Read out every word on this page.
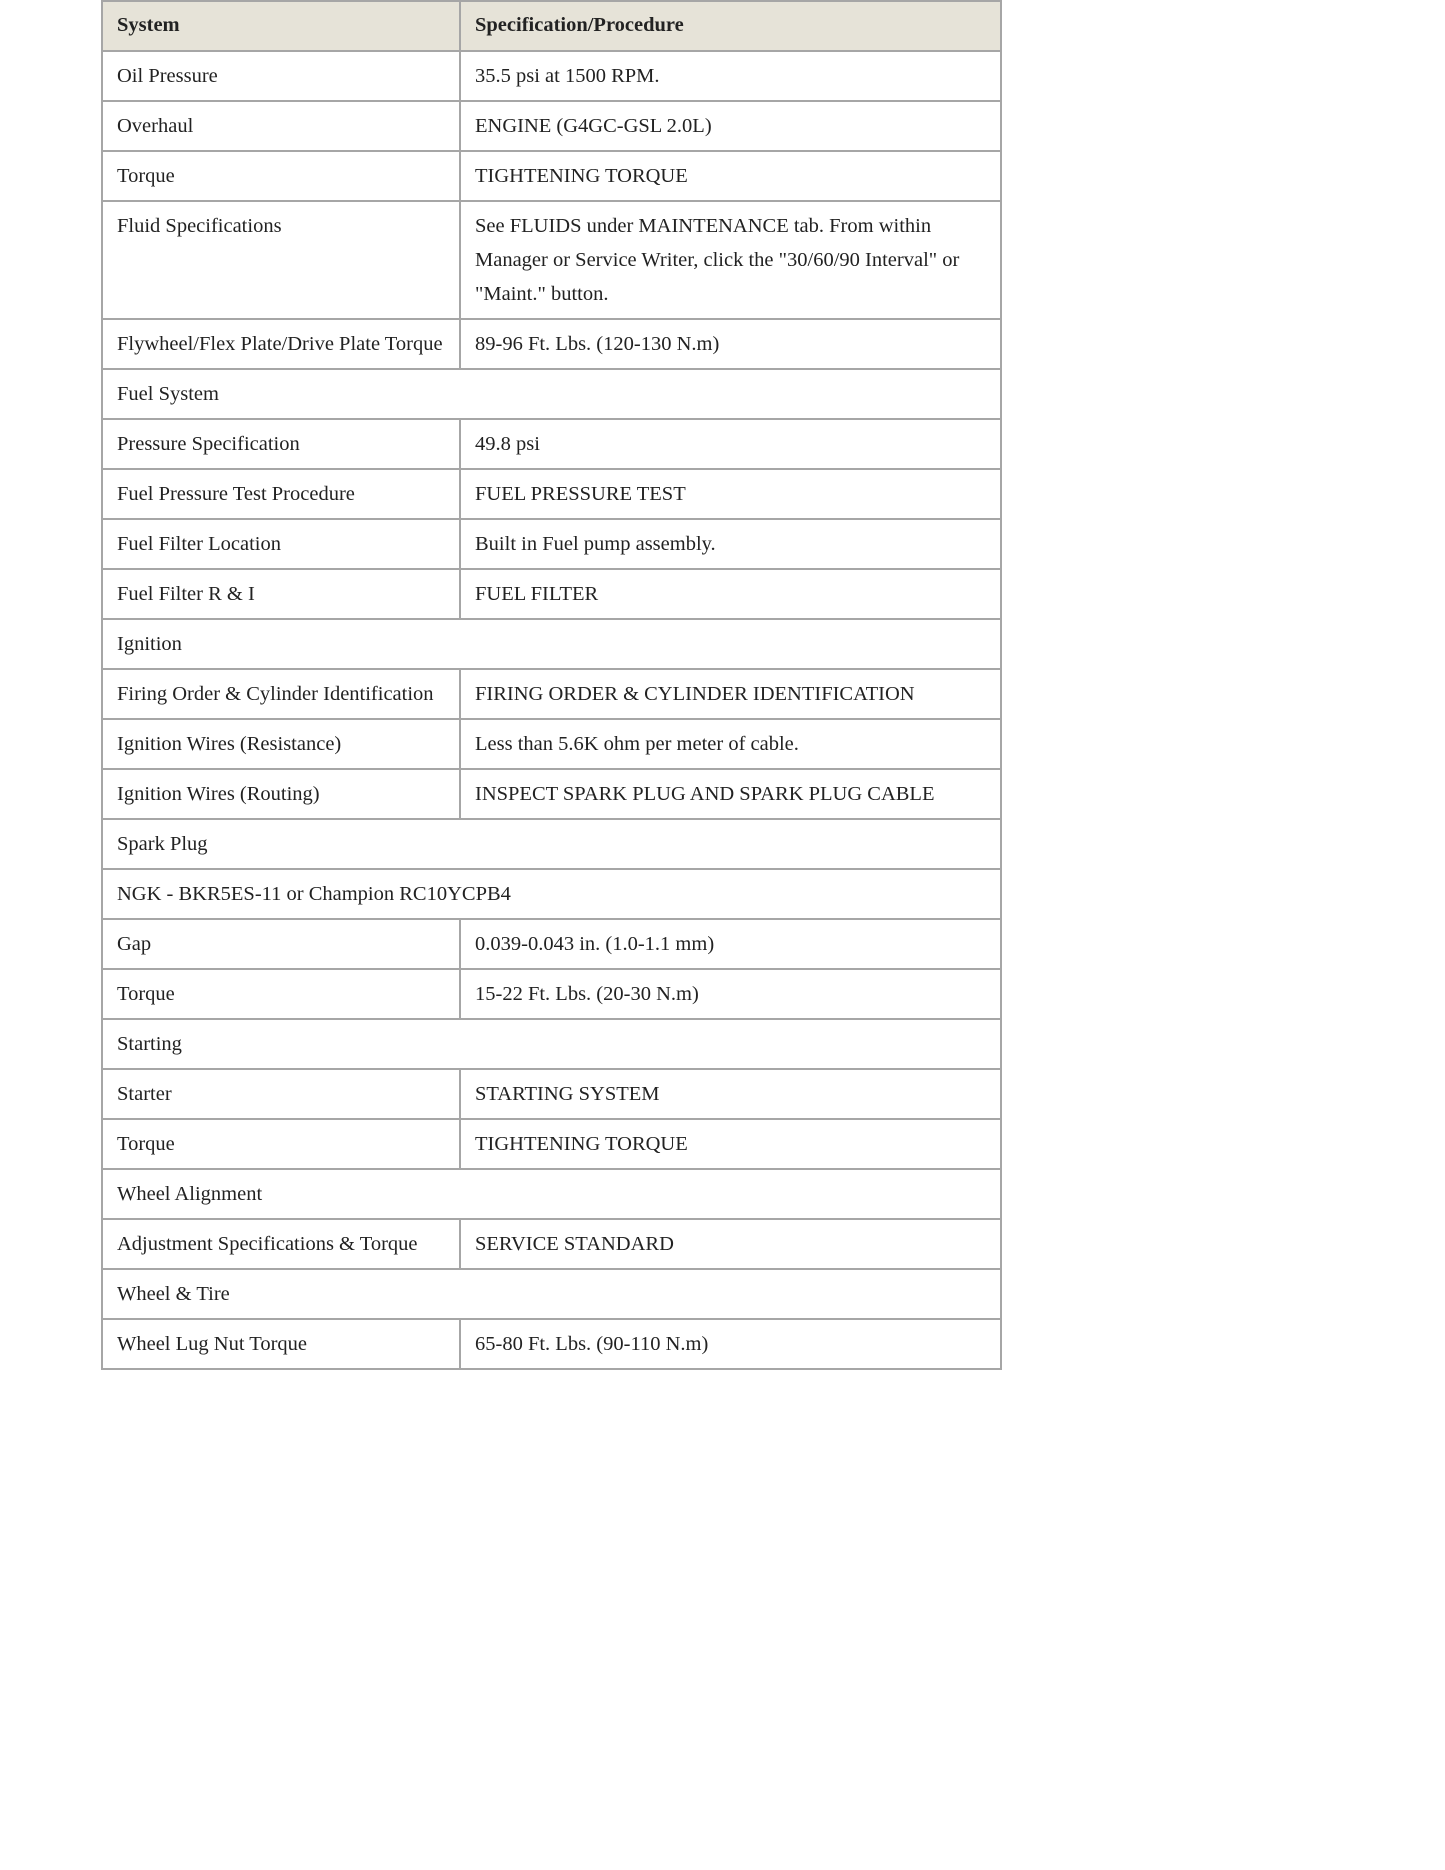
System	Specification/Procedure
Oil Pressure	35.5 psi at 1500 RPM.
Overhaul	ENGINE (G4GC-GSL 2.0L)
Torque	TIGHTENING TORQUE
Fluid Specifications	See FLUIDS under MAINTENANCE tab. From within Manager or Service Writer, click the "30/60/90 Interval" or "Maint." button.
Flywheel/Flex Plate/Drive Plate Torque	89-96 Ft. Lbs. (120-130 N.m)
Fuel System	
Pressure Specification	49.8 psi
Fuel Pressure Test Procedure	FUEL PRESSURE TEST
Fuel Filter Location	Built in Fuel pump assembly.
Fuel Filter R & I	FUEL FILTER
Ignition	
Firing Order & Cylinder Identification	FIRING ORDER & CYLINDER IDENTIFICATION
Ignition Wires (Resistance)	Less than 5.6K ohm per meter of cable.
Ignition Wires (Routing)	INSPECT SPARK PLUG AND SPARK PLUG CABLE
Spark Plug	
NGK - BKR5ES-11 or Champion RC10YCPB4	
Gap	0.039-0.043 in. (1.0-1.1 mm)
Torque	15-22 Ft. Lbs. (20-30 N.m)
Starting	
Starter	STARTING SYSTEM
Torque	TIGHTENING TORQUE
Wheel Alignment	
Adjustment Specifications & Torque	SERVICE STANDARD
Wheel & Tire	
Wheel Lug Nut Torque	65-80 Ft. Lbs. (90-110 N.m)
